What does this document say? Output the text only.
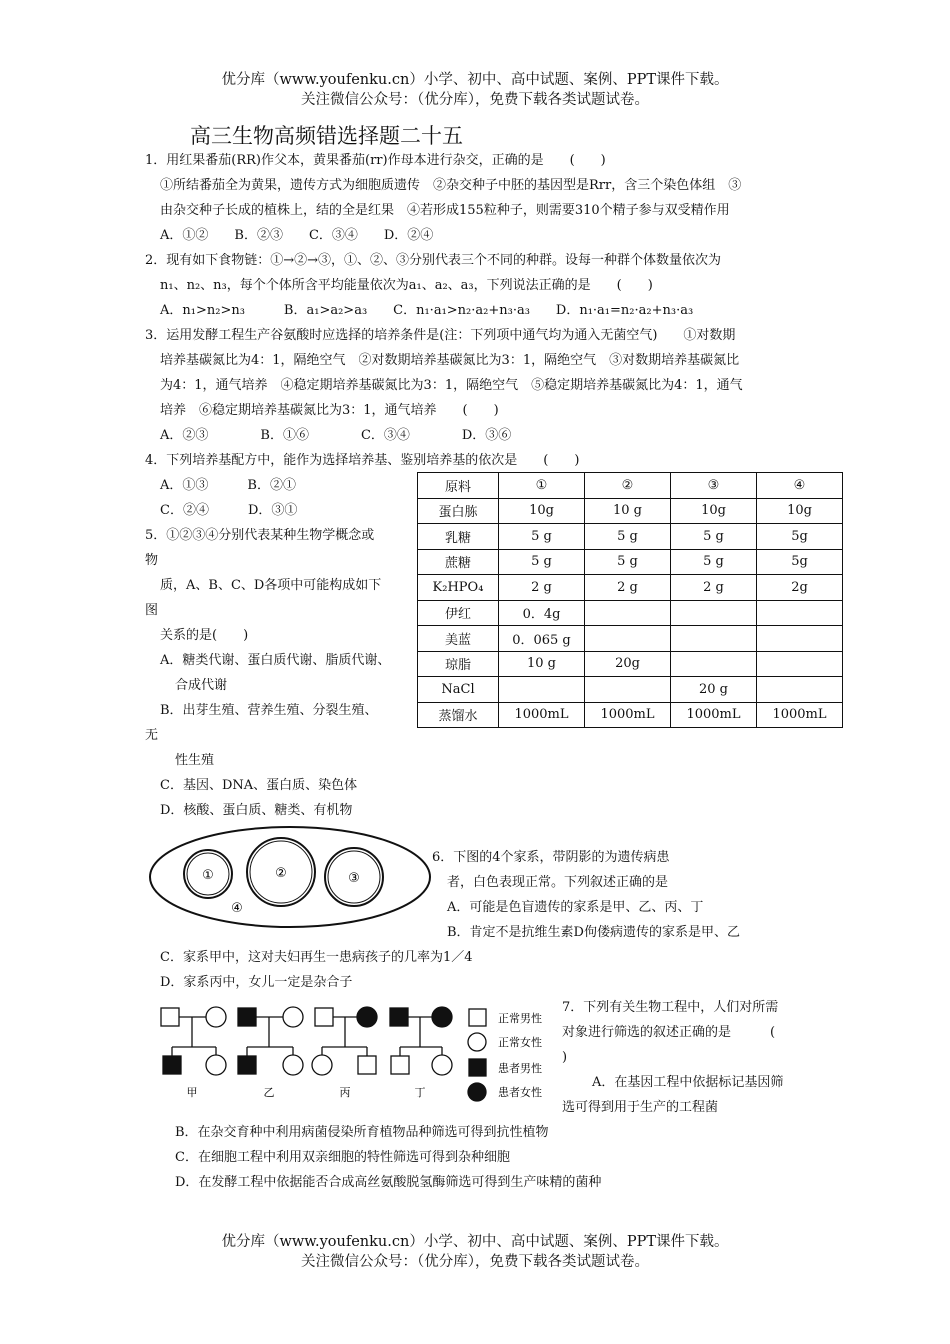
优分库（www.youfenku.cn）小学、初中、高中试题、案例、PPT课件下载。
关注微信公众号：（优分库），免费下载各类试题试卷。
高三生物高频错选择题二十五
1．用红果番茄(RR)作父本，黄果番茄(rr)作母本进行杂交，正确的是　　(　　)
①所结番茄全为黄果，遗传方式为细胞质遗传　②杂交种子中胚的基因型是Rrr，含三个染色体组　③
由杂交种子长成的植株上，结的全是红果　④若形成155粒种子，则需要310个精子参与双受精作用
A．①②　　B．②③　　C．③④　　D．②④
2．现有如下食物链：①→②→③，①、②、③分别代表三个不同的种群。设每一种群个体数量依次为
n₁、n₂、n₃，每个个体所含平均能量依次为a₁、a₂、a₃，下列说法正确的是　　(　　)
A．n₁>n₂>n₃　　　B．a₁>a₂>a₃　　C．n₁·a₁>n₂·a₂+n₃·a₃　　D．n₁·a₁=n₂·a₂+n₃·a₃
3．运用发酵工程生产谷氨酸时应选择的培养条件是(注：下列项中通气均为通入无菌空气)　　①对数期
培养基碳氮比为4：1，隔绝空气　②对数期培养基碳氮比为3：1，隔绝空气　③对数期培养基碳氮比
为4：1，通气培养　④稳定期培养基碳氮比为3：1，隔绝空气　⑤稳定期培养基碳氮比为4：1，通气
培养　⑥稳定期培养基碳氮比为3：1，通气培养　　(　　)
A．②③　　　　B．①⑥　　　　C．③④　　　　D．③⑥
4．下列培养基配方中，能作为选择培养基、鉴别培养基的依次是　　(　　)
A．①③　　　B．②①
C．②④　　　D．③①
原料	①	②	③	④
蛋白胨	10g	10 g	10g	10g
乳糖	5 g	5 g	5 g	5g
蔗糖	5 g	5 g	5 g	5g
K₂HPO₄	2 g	2 g	2 g	2g
伊红	0．4g			
美蓝	0．065 g			
琼脂	10 g	20g		
NaCl			20 g	
蒸馏水	1000mL	1000mL	1000mL	1000mL
5．①②③④分别代表某种生物学概念或
物
质，A、B、C、D各项中可能构成如下
图
关系的是(　　)
A．糖类代谢、蛋白质代谢、脂质代谢、
合成代谢
B．出芽生殖、营养生殖、分裂生殖、
无
性生殖
C．基因、DNA、蛋白质、染色体
D．核酸、蛋白质、糖类、有机物
①	②	③
④
6．下图的4个家系，带阴影的为遗传病患
者，白色表现正常。下列叙述正确的是
A．可能是色盲遗传的家系是甲、乙、丙、丁
B．肯定不是抗维生素D佝偻病遗传的家系是甲、乙
C．家系甲中，这对夫妇再生一患病孩子的几率为1／4
D．家系丙中，女儿一定是杂合子
甲	乙	丙	丁
正常男性
正常女性
患者男性
患者女性
7．下列有关生物工程中，人们对所需
对象进行筛选的叙述正确的是　　　(
)
A．在基因工程中依据标记基因筛
选可得到用于生产的工程菌
B．在杂交育种中利用病菌侵染所育植物品种筛选可得到抗性植物
C．在细胞工程中利用双亲细胞的特性筛选可得到杂种细胞
D．在发酵工程中依据能否合成高丝氨酸脱氢酶筛选可得到生产味精的菌种
优分库（www.youfenku.cn）小学、初中、高中试题、案例、PPT课件下载。
关注微信公众号：（优分库），免费下载各类试题试卷。
